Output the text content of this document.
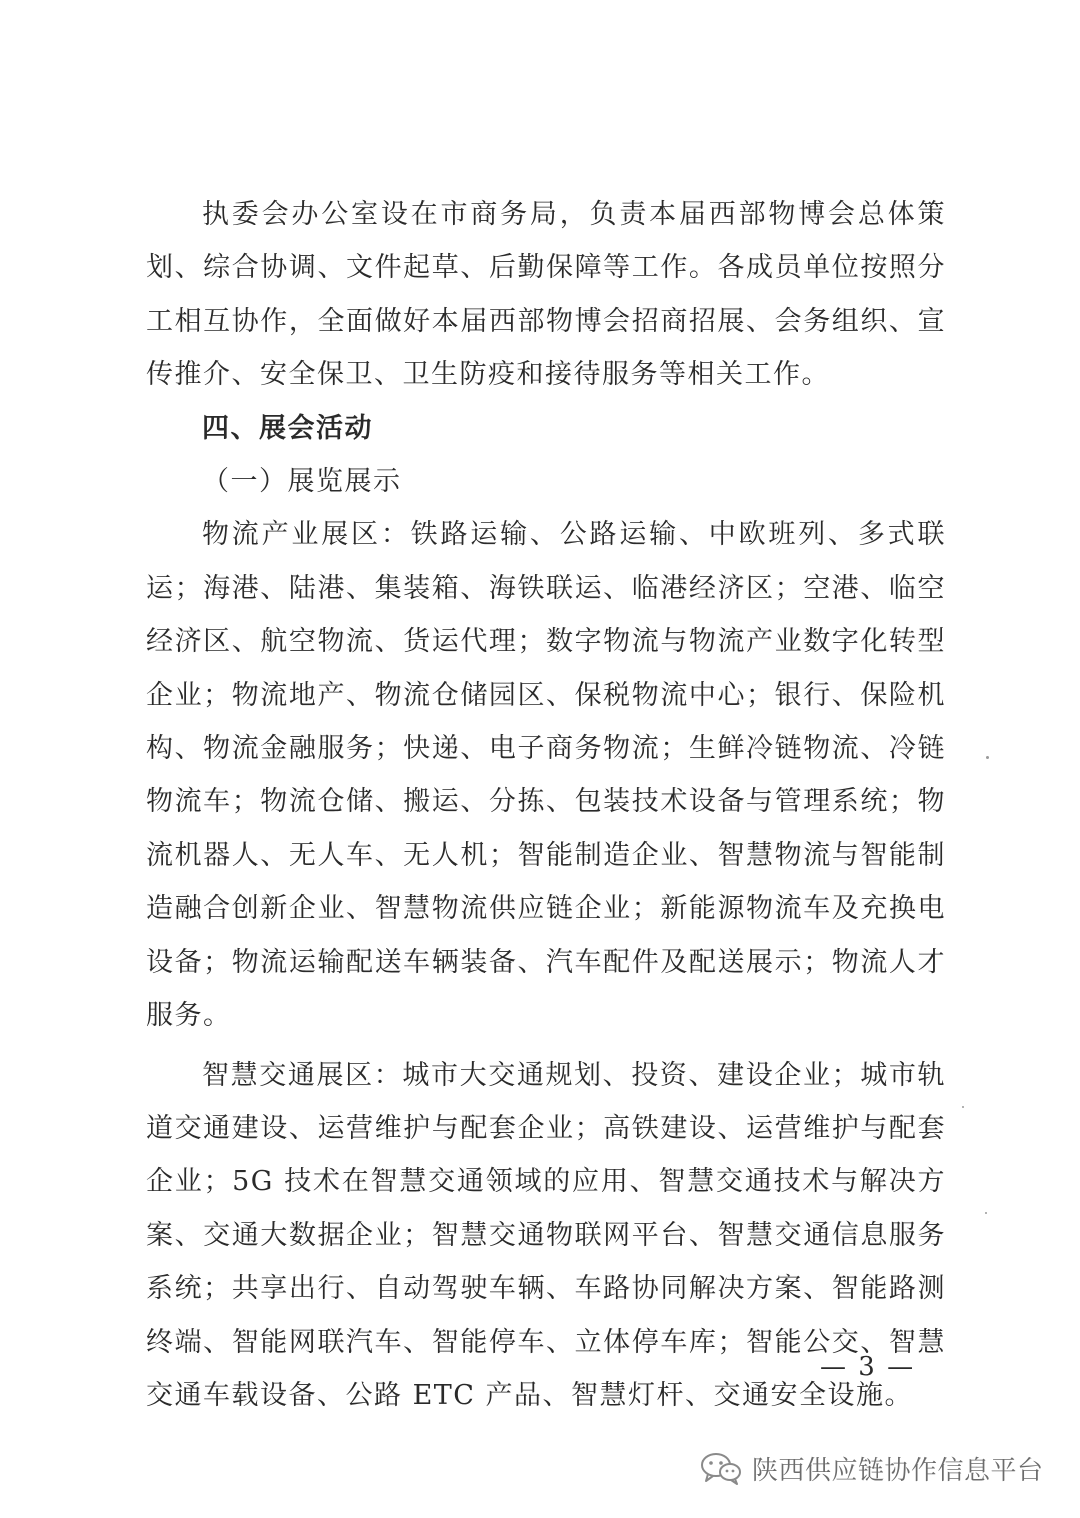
执委会办公室设在市商务局，负责本届西部物博会总体策划、综合协调、文件起草、后勤保障等工作。各成员单位按照分工相互协作，全面做好本届西部物博会招商招展、会务组织、宣传推介、安全保卫、卫生防疫和接待服务等相关工作。

四、展会活动

（一）展览展示

物流产业展区：铁路运输、公路运输、中欧班列、多式联运；海港、陆港、集装箱、海铁联运、临港经济区；空港、临空经济区、航空物流、货运代理；数字物流与物流产业数字化转型企业；物流地产、物流仓储园区、保税物流中心；银行、保险机构、物流金融服务；快递、电子商务物流；生鲜冷链物流、冷链物流车；物流仓储、搬运、分拣、包装技术设备与管理系统；物流机器人、无人车、无人机；智能制造企业、智慧物流与智能制造融合创新企业、智慧物流供应链企业；新能源物流车及充换电设备；物流运输配送车辆装备、汽车配件及配送展示；物流人才服务。

智慧交通展区：城市大交通规划、投资、建设企业；城市轨道交通建设、运营维护与配套企业；高铁建设、运营维护与配套企业；5G 技术在智慧交通领域的应用、智慧交通技术与解决方案、交通大数据企业；智慧交通物联网平台、智慧交通信息服务系统；共享出行、自动驾驶车辆、车路协同解决方案、智能路测终端、智能网联汽车、智能停车、立体停车库；智能公交、智慧交通车载设备、公路 ETC 产品、智慧灯杆、交通安全设施。

— 3 —
陕西供应链协作信息平台
